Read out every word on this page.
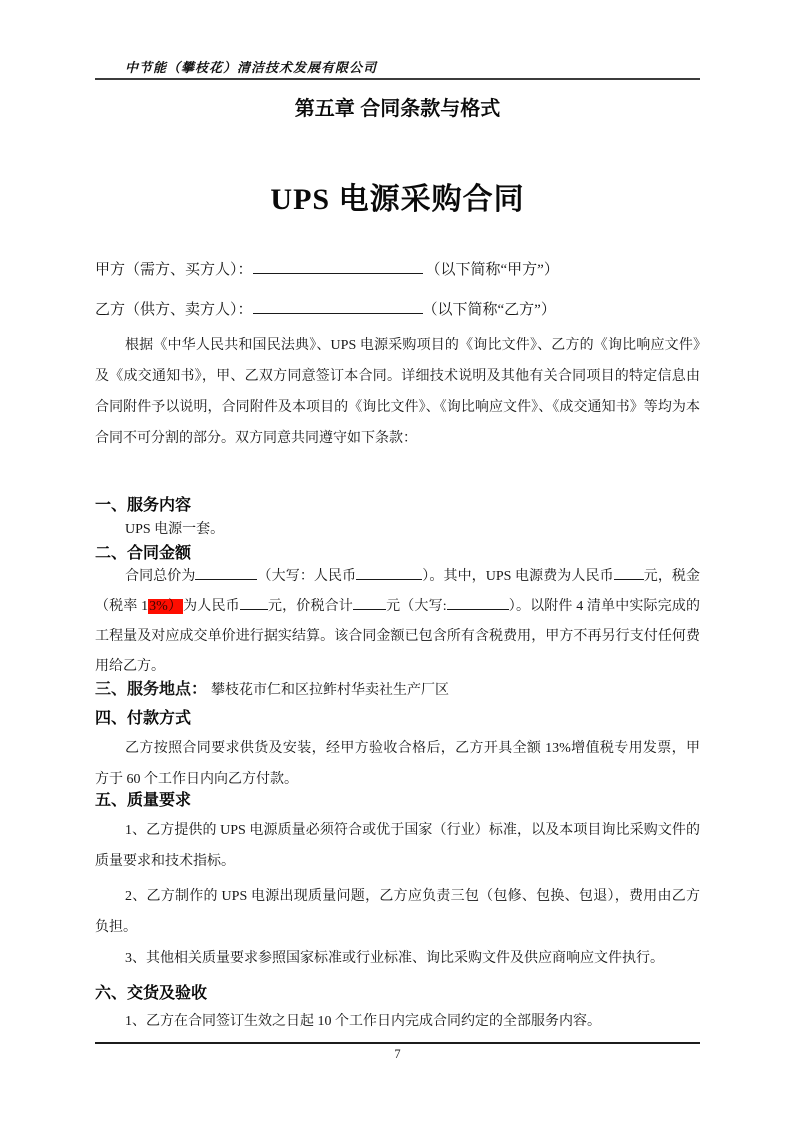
中节能（攀枝花）清洁技术发展有限公司
第五章 合同条款与格式
UPS 电源采购合同
甲方（需方、买方人）：	（以下简称“甲方”）
乙方（供方、卖方人）：	（以下简称“乙方”）

根据《中华人民共和国民法典》、UPS 电源采购项目的《询比文件》、乙方的《询比响应文件》及《成交通知书》，甲、乙双方同意签订本合同。详细技术说明及其他有关合同项目的特定信息由合同附件予以说明，合同附件及本项目的《询比文件》、《询比响应文件》、《成交通知书》等均为本合同不可分割的部分。双方同意共同遵守如下条款：

一、服务内容

UPS 电源一套。

二、合同金额

合同总价为	（大写：人民币	）。其中，UPS 电源费为人民币 元，税金（税率 13%）为人民币 元，价税合计 元（大写:	）。以附件 4 清单中实际完成的工程量及对应成交单价进行据实结算。该合同金额已包含所有含税费用，甲方不再另行支付任何费用给乙方。

三、服务地点： 攀枝花市仁和区拉鲊村华卖社生产厂区
四、付款方式

乙方按照合同要求供货及安装，经甲方验收合格后，乙方开具全额 13%增值税专用发票，甲方于 60 个工作日内向乙方付款。

五、质量要求

1、乙方提供的 UPS 电源质量必须符合或优于国家（行业）标准，以及本项目询比采购文件的质量要求和技术指标。

2、乙方制作的 UPS 电源出现质量问题，乙方应负责三包（包修、包换、包退），费用由乙方负担。

3、其他相关质量要求参照国家标准或行业标准、询比采购文件及供应商响应文件执行。

六、交货及验收

1、乙方在合同签订生效之日起 10 个工作日内完成合同约定的全部服务内容。

7
